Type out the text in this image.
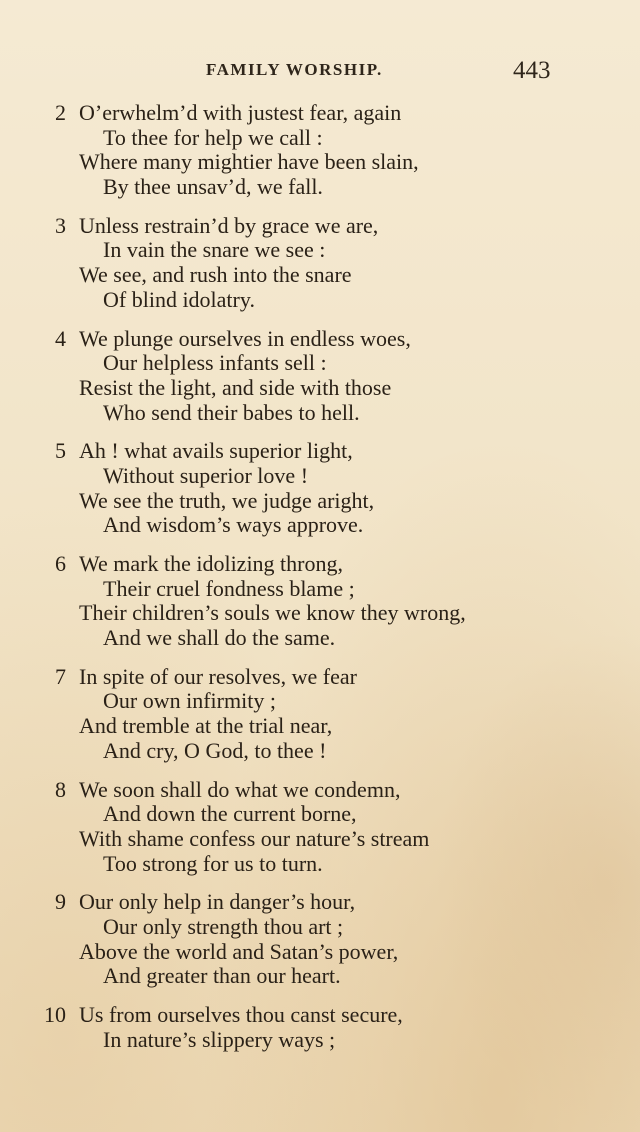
FAMILY WORSHIP.	443
2 O’erwhelm’d with justest fear, again
To thee for help we call :
Where many mightier have been slain,
By thee unsav’d, we fall.
3 Unless restrain’d by grace we are,
In vain the snare we see :
We see, and rush into the snare
Of blind idolatry.
4 We plunge ourselves in endless woes,
Our helpless infants sell :
Resist the light, and side with those
Who send their babes to hell.
5 Ah ! what avails superior light,
Without superior love !
We see the truth, we judge aright,
And wisdom’s ways approve.
6 We mark the idolizing throng,
Their cruel fondness blame ;
Their children’s souls we know they wrong,
And we shall do the same.
7 In spite of our resolves, we fear
Our own infirmity ;
And tremble at the trial near,
And cry, O God, to thee !
8 We soon shall do what we condemn,
And down the current borne,
With shame confess our nature’s stream
Too strong for us to turn.
9 Our only help in danger’s hour,
Our only strength thou art ;
Above the world and Satan’s power,
And greater than our heart.
10 Us from ourselves thou canst secure,
In nature’s slippery ways ;
